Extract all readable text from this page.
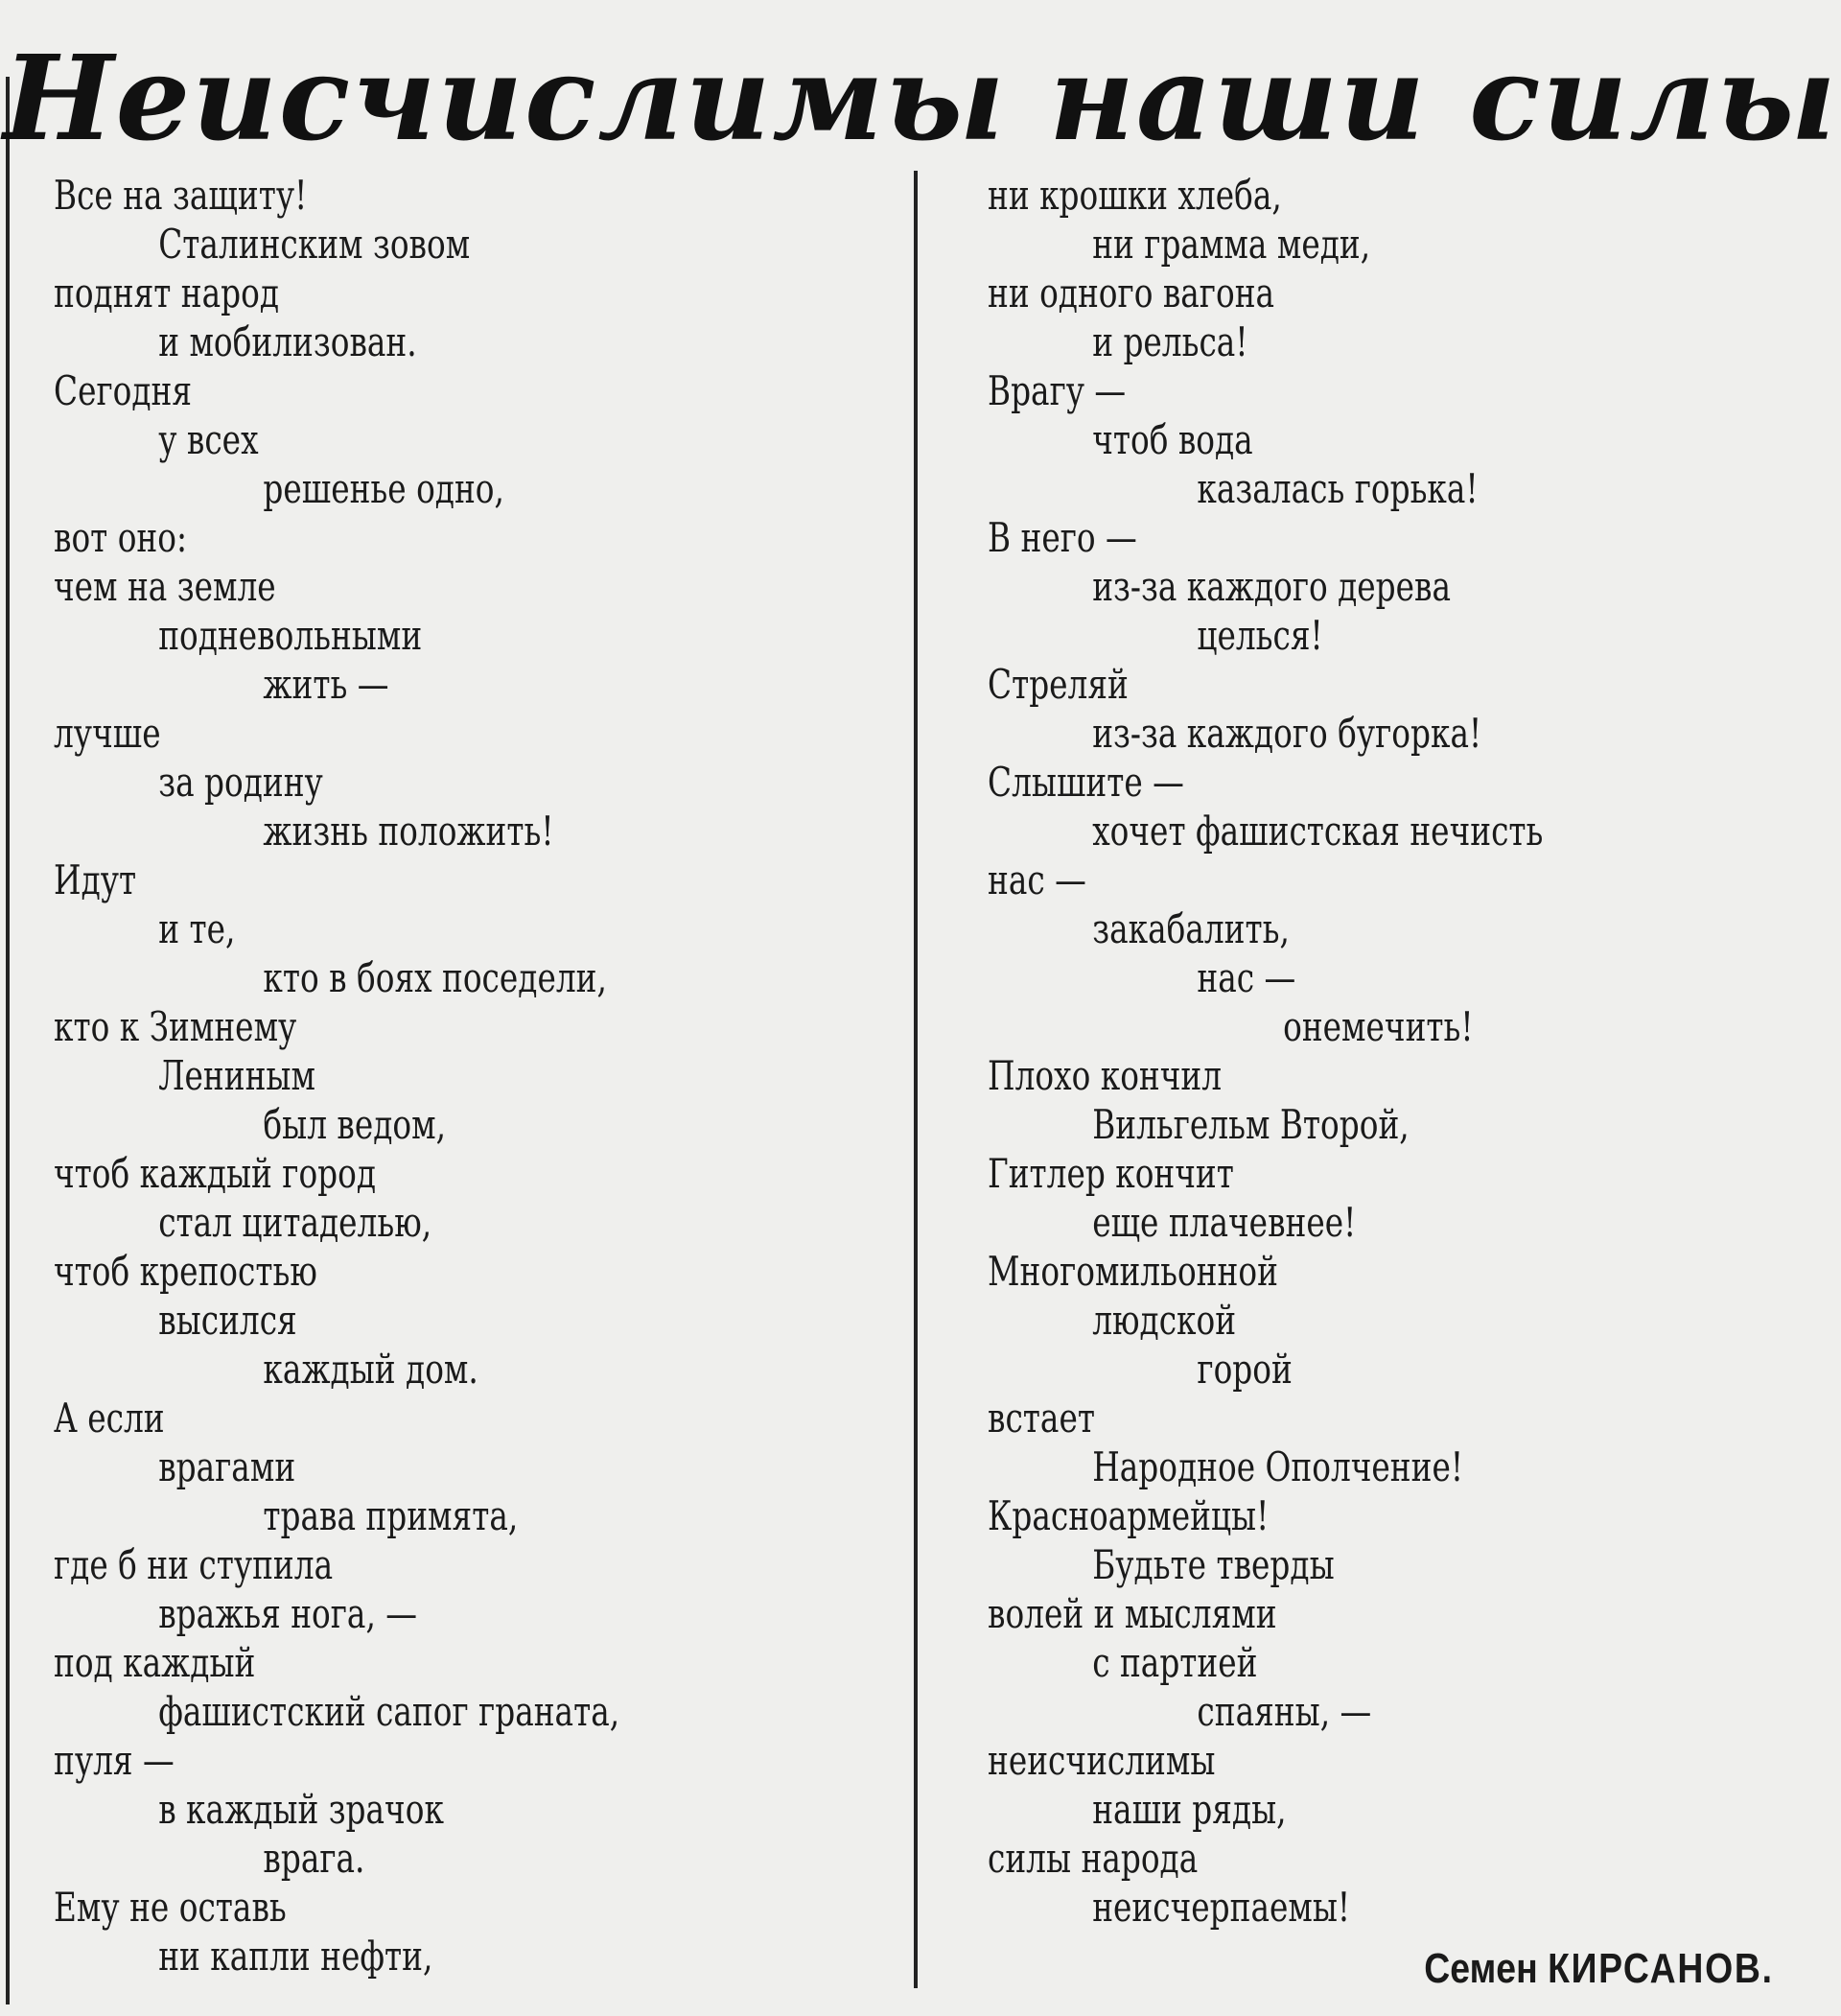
Неисчислимы наши силы
Все на защиту!
Сталинским зовом
поднят народ
и мобилизован.
Сегодня
у всех
решенье одно,
вот оно:
чем на земле
подневольными
жить —
лучше
за родину
жизнь положить!
Идут
и те,
кто в боях поседели,
кто к Зимнему
Лениным
был ведом,
чтоб каждый город
стал цитаделью,
чтоб крепостью
высился
каждый дом.
А если
врагами
трава примята,
где б ни ступила
вражья нога, —
под каждый
фашистский сапог граната,
пуля —
в каждый зрачок
врага.
Ему не оставь
ни капли нефти,
ни крошки хлеба,
ни грамма меди,
ни одного вагона
и рельса!
Врагу —
чтоб вода
казалась горька!
В него —
из-за каждого дерева
целься!
Стреляй
из-за каждого бугорка!
Слышите —
хочет фашистская нечисть
нас —
закабалить,
нас —
онемечить!
Плохо кончил
Вильгельм Второй,
Гитлер кончит
еще плачевнее!
Многомильонной
людской
горой
встает
Народное Ополчение!
Красноармейцы!
Будьте тверды
волей и мыслями
с партией
спаяны, —
неисчислимы
наши ряды,
силы народа
неисчерпаемы!
Семен КИРСАНОВ.
